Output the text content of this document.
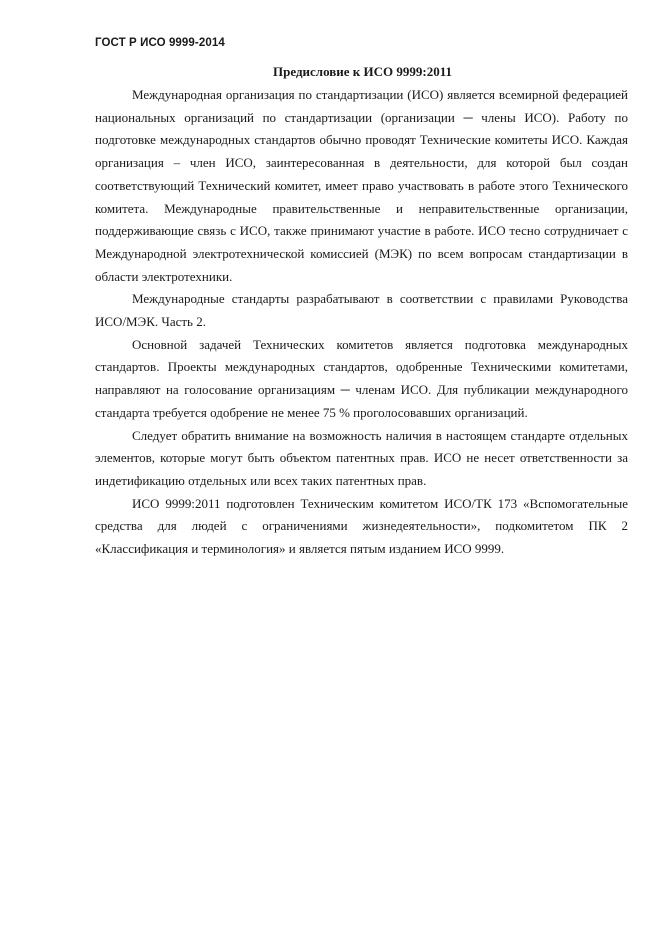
ГОСТ Р ИСО 9999-2014
Предисловие к ИСО 9999:2011

Международная организация по стандартизации (ИСО) является всемирной федерацией национальных организаций по стандартизации (организации ─ члены ИСО). Работу по подготовке международных стандартов обычно проводят Технические комитеты ИСО. Каждая организация – член ИСО, заинтересованная в деятельности, для которой был создан соответствующий Технический комитет, имеет право участвовать в работе этого Технического комитета. Международные правительственные и неправительственные организации, поддерживающие связь с ИСО, также принимают участие в работе. ИСО тесно сотрудничает с Международной электротехнической комиссией (МЭК) по всем вопросам стандартизации в области электротехники.

Международные стандарты разрабатывают в соответствии с правилами Руководства ИСО/МЭК. Часть 2.

Основной задачей Технических комитетов является подготовка международных стандартов. Проекты международных стандартов, одобренные Техническими комитетами, направляют на голосование организациям ─ членам ИСО. Для публикации международного стандарта требуется одобрение не менее 75 % проголосовавших организаций.

Следует обратить внимание на возможность наличия в настоящем стандарте отдельных элементов, которые могут быть объектом патентных прав. ИСО не несет ответственности за индетификацию отдельных или всех таких патентных прав.

ИСО 9999:2011 подготовлен Техническим комитетом ИСО/ТК 173 «Вспомогательные средства для людей с ограничениями жизнедеятельности», подкомитетом ПК 2 «Классификация и терминология» и является пятым изданием ИСО 9999.
